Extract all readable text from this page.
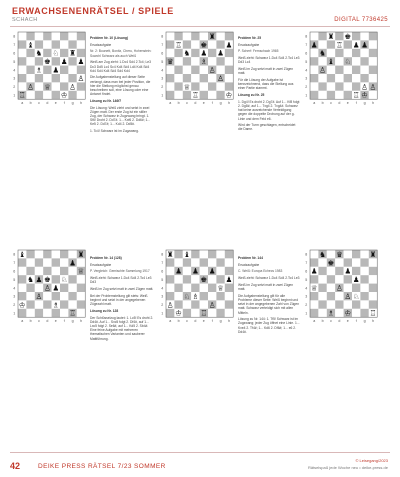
ERWACHSENENRÄTSEL / SPIELE
SCHACH	DIGITAL 7736425
8
7
6
5
4
3
2
1
a b c d e f g h
♔
♕
♖
♗
♘
♙	♙
♙
♚
♜
♞
♟
♟ ♟
♝
8
7
6
5
4
3
2
1
a b c d e f g h
♔
♕
♖
♘
♙
♙
♗
♚
♜
♞ ♟
♟
♟
♝
8
7
6
5
4
3
2
1
a b c d e f g h
♔
♕
♖
♖
♗
♙
♙
♚
♛
♜
♟ ♟
♟
♞
8
7
6
5
4
3
2
1
a b c d e f g h
♔
♕
♖
♘
♙	♙
♗
♚
♜
♟ ♟ ♟
♟
♝
8
7
6
5
4
3
2
1
a b c d e f g h
♔
♖
♖
♘
♙
♙ ♙
♚
♜
♞
♟	♟ ♟
♝
8
7
6
5
4
3
2
1
a b c d e f g h
♔
♕
♖
♘
♗
♙
♙
♚
♛	♜
♞
♟	♟
♟

Problem Nr. 10 (Lösung)

Ersatzaufgabe

Nr. 2: Bounett, Bonitz, Cheru, Hohenstein: Sowohl Schwarz als auch Weiß

Weiß am Zug zieht: 1.Dc4 Sd4 2.Tc4; Le3 Dc3 Dd5 Lc4 Sc4 Kd4 Sd4 Ld4 Kd4 Sd4 Kd4 Sd4 Kd4 Sd4 Sd4 Kd4

Die Aufgabenstellung auf dieser Seite verlangt, dass man bei jeder Position, die hier die Stellung möglichst genau beschreiben soll, eine Lösung oder eine Antwort findet.

Lösung zu Nr. 146f7

Die Lösung: Weiß zieht und setzt in zwei Zügen matt. Der erste Zug ist ein stiller Zug, der Schwarz in Zugzwang bringt. 1. Sf6! Droht 2. Dd7#. 1... Kxf6 2. Dd6#; 1... Ke5 2. Dd7#; 1... Kd4 2. Dd5#.

1. Tc4! Schwarz ist im Zugzwang.

Problem Nr. 14 (128)

Ersatzaufgabe

P. Vergleich: Gemischte Sammlung 1917

Weiß zieht: Schwarz 1.Dc4 Sd4 2.Tc4 Le3 Dd3

Weiß im Zug setzt matt in zwei Zügen matt.

Bei der Problemstellung gilt stets: Weiß beginnt und setzt in der angegebenen Zügezahl matt.

Lösung zu Nr. 128

Der Schlüsselzug lautet: 1. Lc5! Es droht 2. Dd4#. Auf 1... Sxc5 folgt 2. Df4#, auf 1... Lxc5 folgt 2. Se6#, auf 1... Kd5 2. Sb4#. Eine feine Aufgabe mit mehreren thematischen Varianten und sauberer Mattführung.

Problem Nr. 25

Ersatzaufgabe

P. Scherf: Fernschach 1965

Weiß zieht: Schwarz 1.Dc4 Sd4 2.Tc4 Le3 Dd3 Lc4

Weiß im Zug setzt matt in zwei Zügen matt.

Für die Lösung der Aufgabe ist kennzeichnend, dass die Stellung aus einer Partie stammt.

Lösung zu Nr. 25

1. Dg4! Es droht 2. Dg7#. Auf 1... Kf8 folgt 2. Dg8#, auf 1... Txg4 2. Txg4#. Schwarz hat keine ausreichende Verteidigung gegen die doppelte Drohung auf der g-Linie und dem Feld e6.

Wird der Turm geschlagen, entscheidet die Dame.

Problem Nr. 144

Ersatzaufgabe

C. Weiß: Europa Echecs 1983

Weiß zieht: Schwarz 1.Dc4 Sd4 2.Tc4 Le3

Weiß im Zug setzt matt in zwei Zügen matt.

Die Aufgabenstellung gilt für alle Probleme dieser Seite: Weiß beginnt und setzt in der angegebenen Zahl von Zügen matt. Schwarz verteidigt sich mit allen Mitteln.

Lösung zu Nr. 144: 1. Tf5! Schwarz ist im Zugzwang; jeder Zug öffnet eine Linie. 1... Kxe4 2. Tf4#; 1... Kd6 2. Df6#; 1... e6 2. Dd4#.

42	DEIKE PRESS RÄTSEL 7/23 SOMMER
© Leisegang/2023
Rätselspaß jede Woche neu • deike-press.de
